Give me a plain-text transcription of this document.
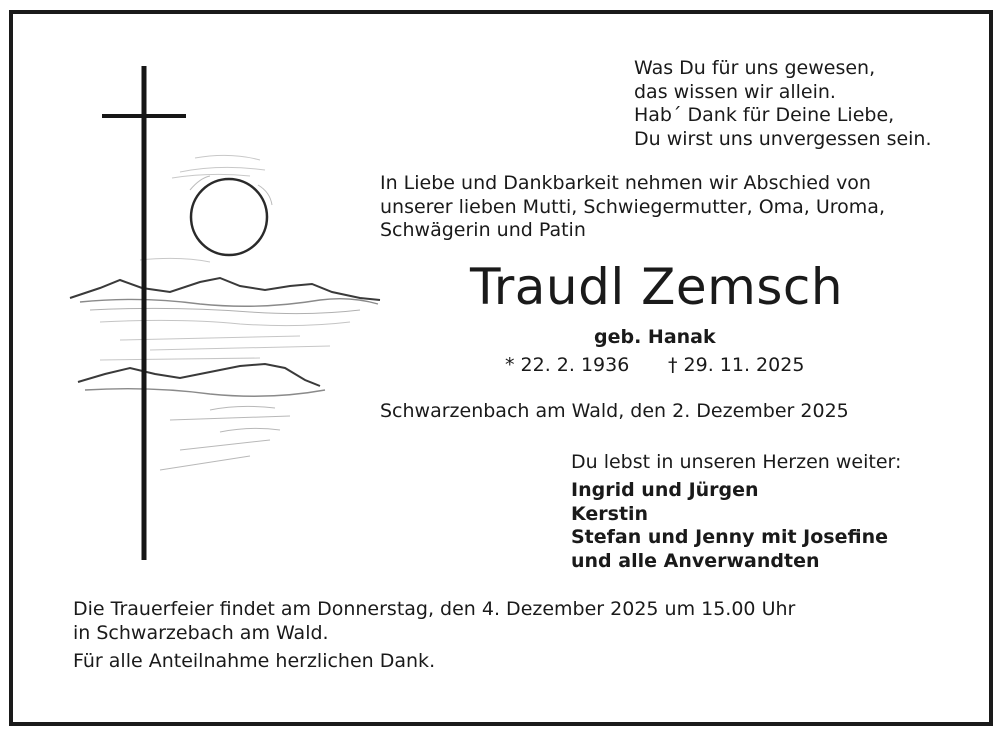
Was Du für uns gewesen,
das wissen wir allein.
Hab´ Dank für Deine Liebe,
Du wirst uns unvergessen sein.
In Liebe und Dankbarkeit nehmen wir Abschied von
unserer lieben Mutti, Schwiegermutter, Oma, Uroma,
Schwägerin und Patin
Traudl Zemsch
geb. Hanak
* 22. 2. 1936 † 29. 11. 2025
Schwarzenbach am Wald, den 2. Dezember 2025
Du lebst in unseren Herzen weiter:
Ingrid und Jürgen
Kerstin
Stefan und Jenny mit Josefine
und alle Anverwandten
Die Trauerfeier findet am Donnerstag, den 4. Dezember 2025 um 15.00 Uhr
in Schwarzebach am Wald.
Für alle Anteilnahme herzlichen Dank.
